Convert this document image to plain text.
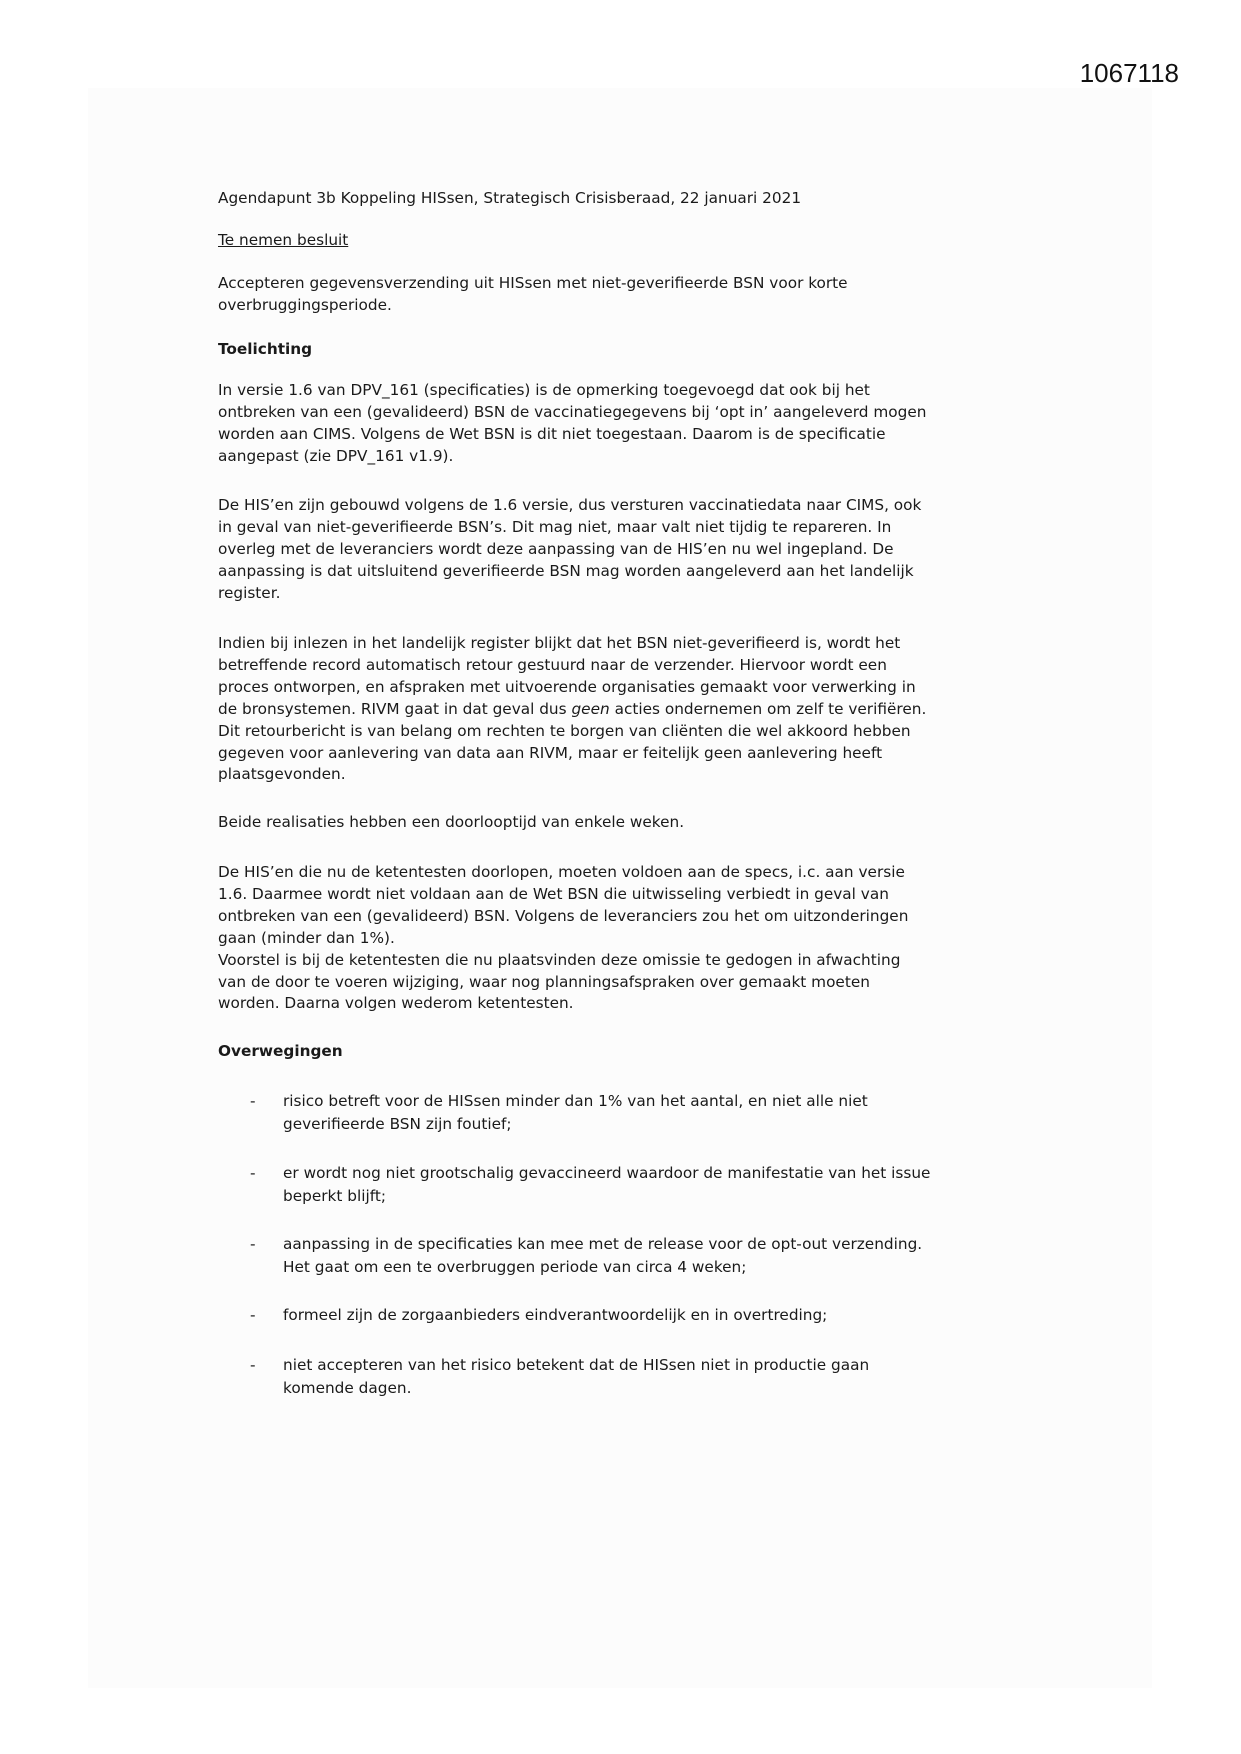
1067118
Agendapunt 3b Koppeling HISsen, Strategisch Crisisberaad, 22 januari 2021
Te nemen besluit
Accepteren gegevensverzending uit HISsen met niet-geverifieerde BSN voor korte
overbruggingsperiode.
Toelichting
In versie 1.6 van DPV_161 (specificaties) is de opmerking toegevoegd dat ook bij het
ontbreken van een (gevalideerd) BSN de vaccinatiegegevens bij ‘opt in’ aangeleverd mogen
worden aan CIMS. Volgens de Wet BSN is dit niet toegestaan. Daarom is de specificatie
aangepast (zie DPV_161 v1.9).
De HIS’en zijn gebouwd volgens de 1.6 versie, dus versturen vaccinatiedata naar CIMS, ook
in geval van niet-geverifieerde BSN’s. Dit mag niet, maar valt niet tijdig te repareren. In
overleg met de leveranciers wordt deze aanpassing van de HIS’en nu wel ingepland. De
aanpassing is dat uitsluitend geverifieerde BSN mag worden aangeleverd aan het landelijk
register.
Indien bij inlezen in het landelijk register blijkt dat het BSN niet-geverifieerd is, wordt het
betreffende record automatisch retour gestuurd naar de verzender. Hiervoor wordt een
proces ontworpen, en afspraken met uitvoerende organisaties gemaakt voor verwerking in
de bronsystemen. RIVM gaat in dat geval dus geen acties ondernemen om zelf te verifiëren.
Dit retourbericht is van belang om rechten te borgen van cliënten die wel akkoord hebben
gegeven voor aanlevering van data aan RIVM, maar er feitelijk geen aanlevering heeft
plaatsgevonden.
Beide realisaties hebben een doorlooptijd van enkele weken.
De HIS’en die nu de ketentesten doorlopen, moeten voldoen aan de specs, i.c. aan versie
1.6. Daarmee wordt niet voldaan aan de Wet BSN die uitwisseling verbiedt in geval van
ontbreken van een (gevalideerd) BSN. Volgens de leveranciers zou het om uitzonderingen
gaan (minder dan 1%).
Voorstel is bij de ketentesten die nu plaatsvinden deze omissie te gedogen in afwachting
van de door te voeren wijziging, waar nog planningsafspraken over gemaakt moeten
worden. Daarna volgen wederom ketentesten.
Overwegingen
- risico betreft voor de HISsen minder dan 1% van het aantal, en niet alle niet
geverifieerde BSN zijn foutief;
- er wordt nog niet grootschalig gevaccineerd waardoor de manifestatie van het issue
beperkt blijft;
- aanpassing in de specificaties kan mee met de release voor de opt-out verzending.
Het gaat om een te overbruggen periode van circa 4 weken;
- formeel zijn de zorgaanbieders eindverantwoordelijk en in overtreding;
- niet accepteren van het risico betekent dat de HISsen niet in productie gaan
komende dagen.
